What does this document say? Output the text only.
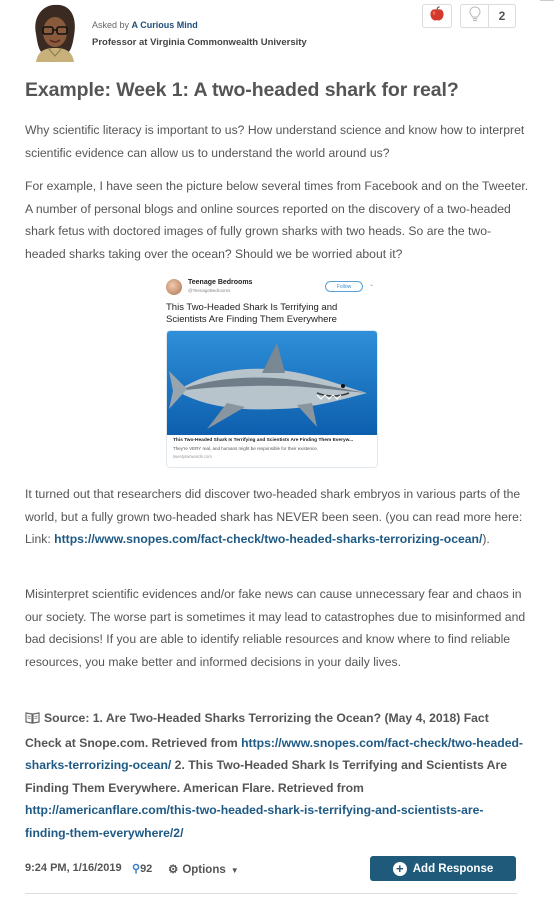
Asked by A Curious Mind
Professor at Virginia Commonwealth University
2
Example: Week 1: A two-headed shark for real?
Why scientific literacy is important to us? How understand science and know how to interpret scientific evidence can allow us to understand the world around us?
For example, I have seen the picture below several times from Facebook and on the Tweeter. A number of personal blogs and online sources reported on the discovery of a two-headed shark fetus with doctored images of fully grown sharks with two heads. So are the two-headed sharks taking over the ocean? Should we be worried about it?
Teenage Bedrooms
@TeenageBedrooms
Follow	⌄
This Two-Headed Shark Is Terrifying and Scientists Are Finding Them Everywhere
This Two-Headed Shark Is Terrifying and Scientists Are Finding Them Everyw...
They're VERY real, and humans might be responsible for their existence.
twentytwowords.com
It turned out that researchers did discover two-headed shark embryos in various parts of the world, but a fully grown two-headed shark has NEVER been seen. (you can read more here: Link: https://www.snopes.com/fact-check/two-headed-sharks-terrorizing-ocean/).
Misinterpret scientific evidences and/or fake news can cause unnecessary fear and chaos in our society. The worse part is sometimes it may lead to catastrophes due to misinformed and bad decisions! If you are able to identify reliable resources and know where to find reliable resources, you make better and informed decisions in your daily lives.
Source: 1. Are Two-Headed Sharks Terrorizing the Ocean? (May 4, 2018) Fact Check at Snope.com. Retrieved from https://www.snopes.com/fact-check/two-headed-sharks-terrorizing-ocean/ 2. This Two-Headed Shark Is Terrifying and Scientists Are Finding Them Everywhere. American Flare. Retrieved from http://americanflare.com/this-two-headed-shark-is-terrifying-and-scientists-are-finding-them-everywhere/2/
9:24 PM, 1/16/2019 ⚲92 ⚙ Options ▼	+ Add Response
